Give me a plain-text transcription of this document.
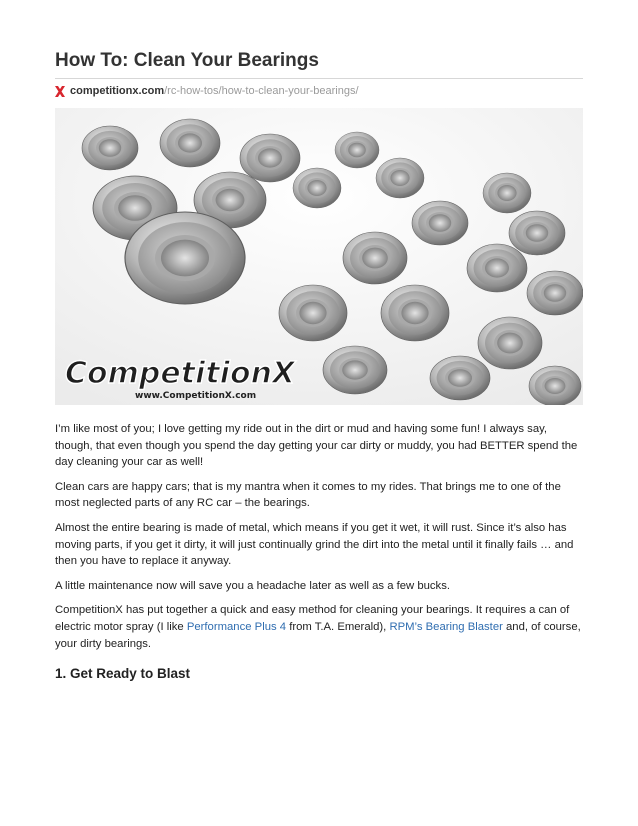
How To: Clean Your Bearings
competitionx.com /rc-how-tos/how-to-clean-your-bearings/
CompetitionX
www.CompetitionX.com

I’m like most of you; I love getting my ride out in the dirt or mud and having some fun! I always say, though, that even though you spend the day getting your car dirty or muddy, you had BETTER spend the day cleaning your car as well!

Clean cars are happy cars; that is my mantra when it comes to my rides. That brings me to one of the most neglected parts of any RC car – the bearings.

Almost the entire bearing is made of metal, which means if you get it wet, it will rust. Since it’s also has moving parts, if you get it dirty, it will just continually grind the dirt into the metal until it finally fails … and then you have to replace it anyway.

A little maintenance now will save you a headache later as well as a few bucks.

CompetitionX has put together a quick and easy method for cleaning your bearings. It requires a can of electric motor spray (I like Performance Plus 4 from T.A. Emerald), RPM’s Bearing Blaster and, of course, your dirty bearings.

1. Get Ready to Blast
